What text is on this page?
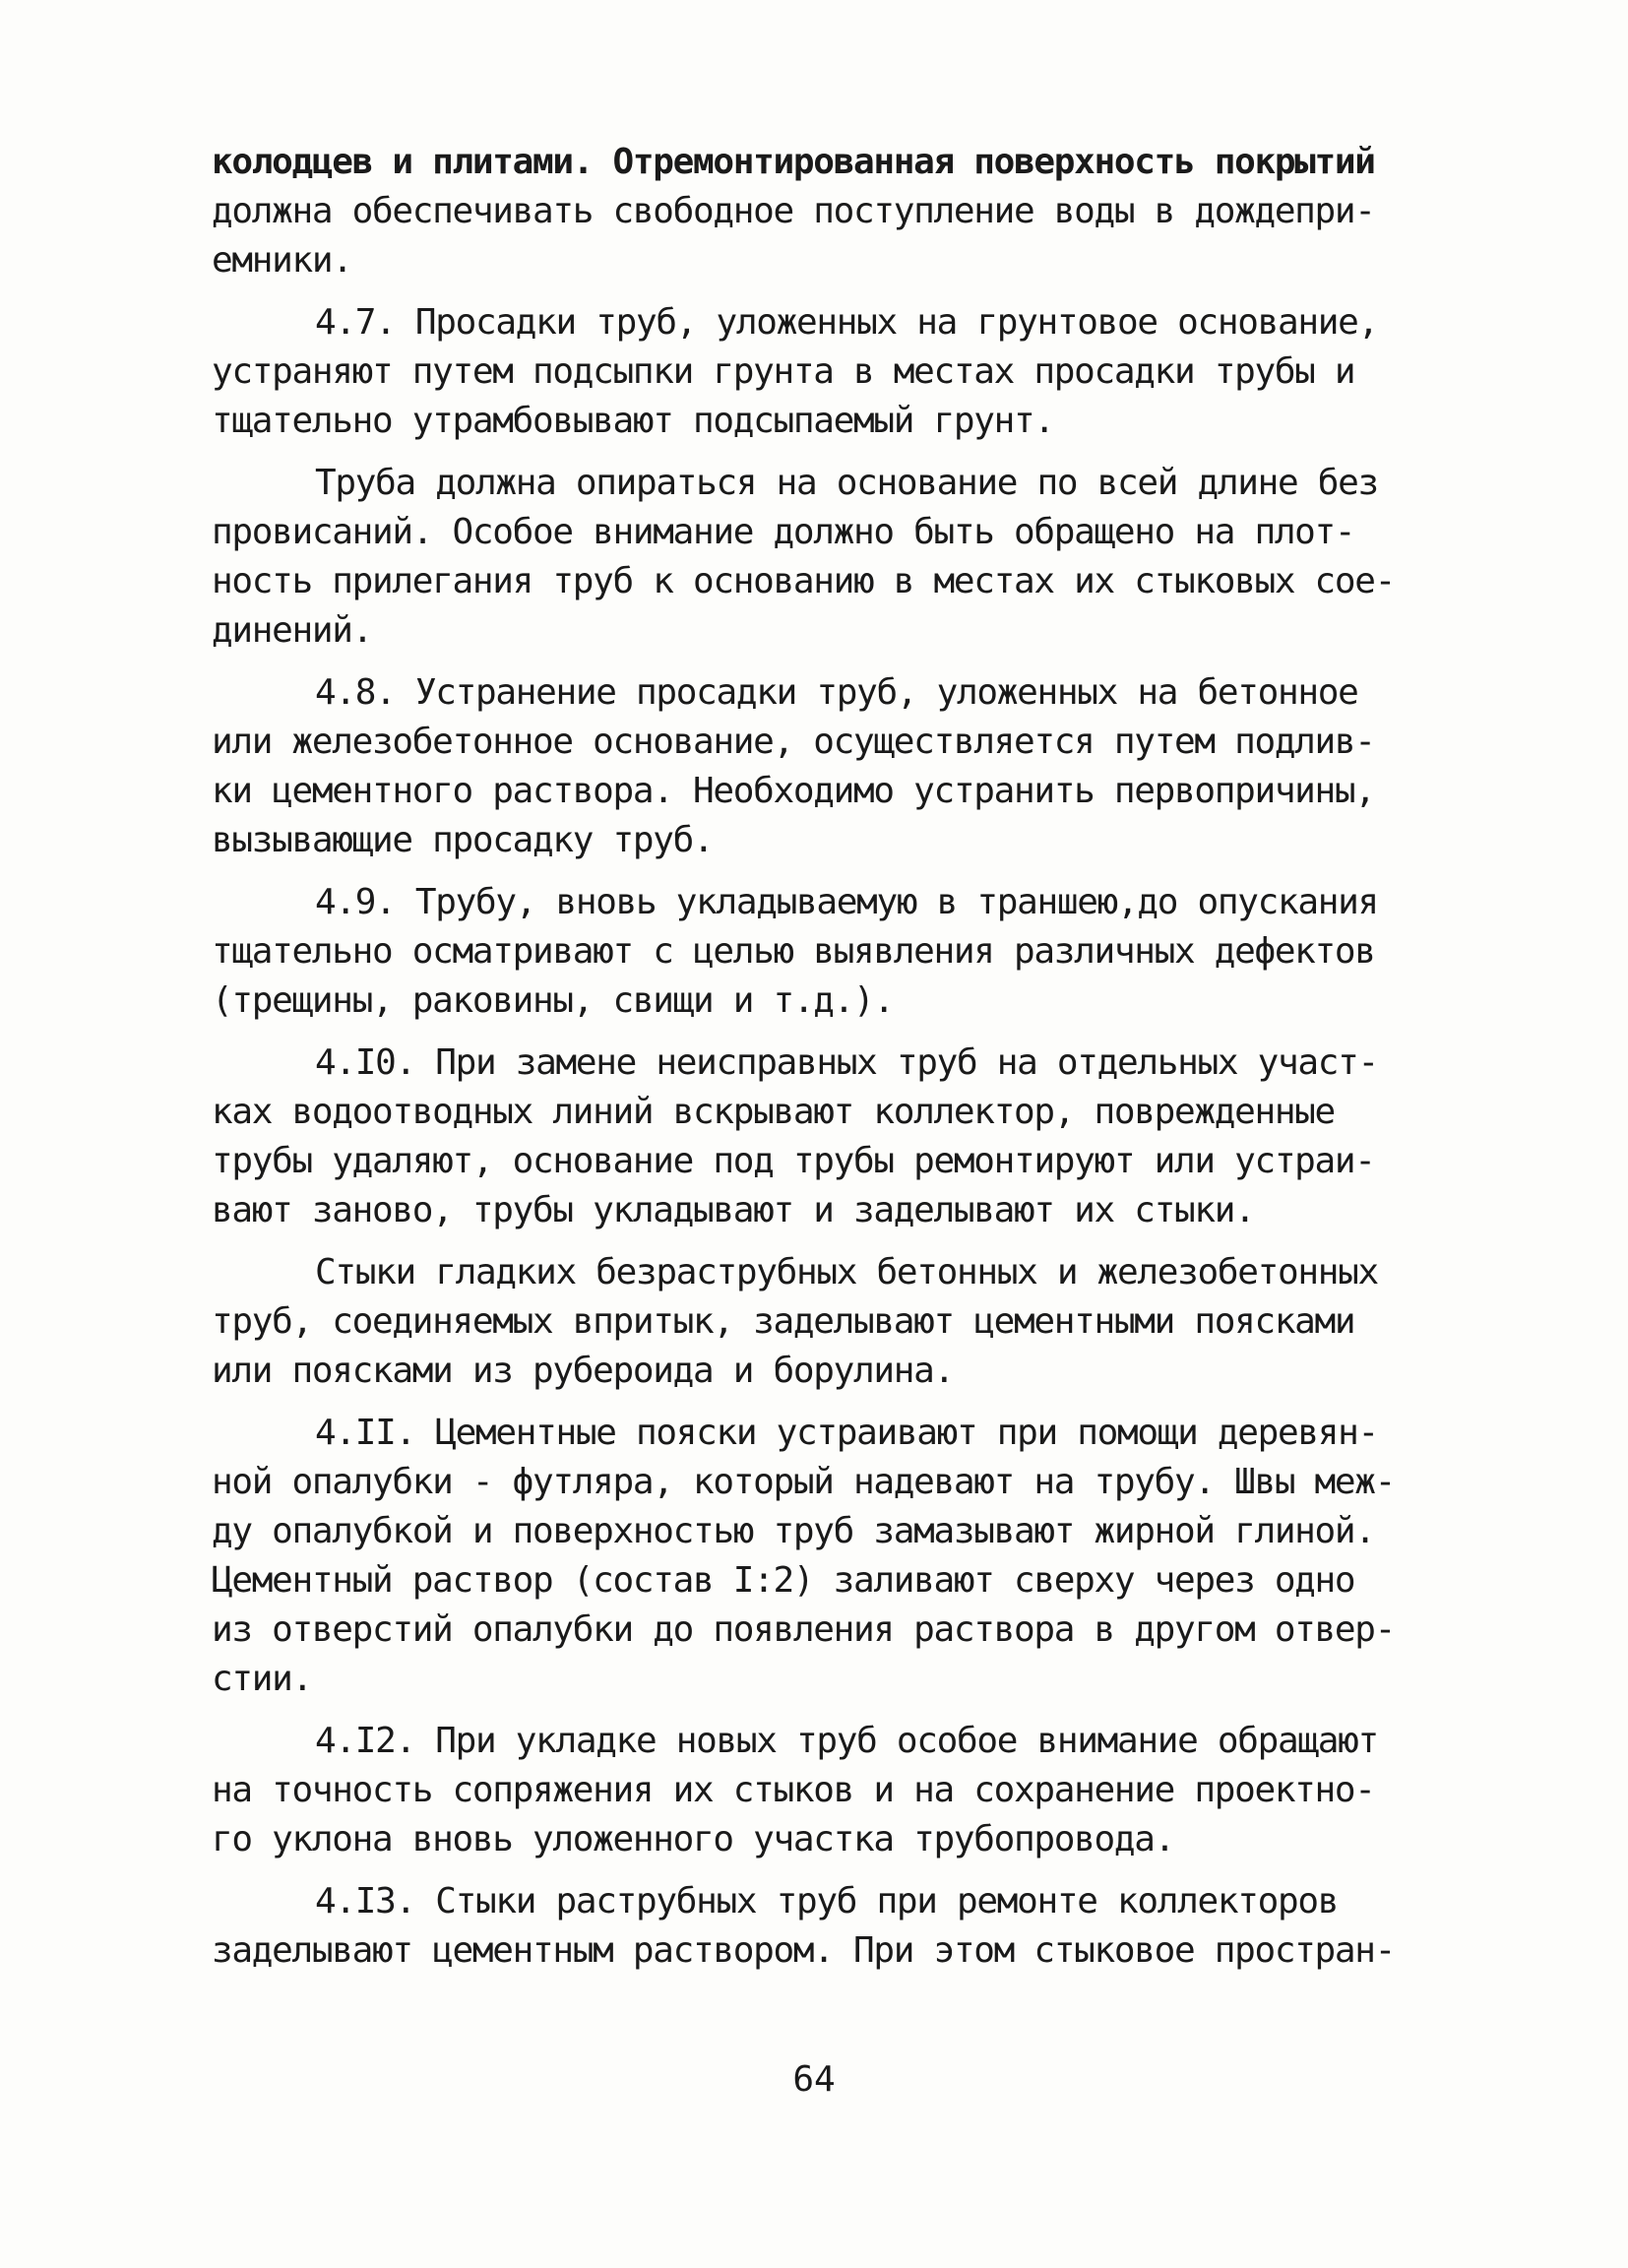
колодцев и плитами. Отремонтированная поверхность покрытий
должна обеспечивать свободное поступление воды в дождепри-
емники.
4.7. Просадки труб, уложенных на грунтовое основание,
устраняют путем подсыпки грунта в местах просадки трубы и
тщательно утрамбовывают подсыпаемый грунт.
Труба должна опираться на основание по всей длине без
провисаний. Особое внимание должно быть обращено на плот-
ность прилегания труб к основанию в местах их стыковых сое-
динений.
4.8. Устранение просадки труб, уложенных на бетонное
или железобетонное основание, осуществляется путем подлив-
ки цементного раствора. Необходимо устранить первопричины,
вызывающие просадку труб.
4.9. Трубу, вновь укладываемую в траншею,до опускания
тщательно осматривают с целью выявления различных дефектов
(трещины, раковины, свищи и т.д.).
4.I0. При замене неисправных труб на отдельных участ-
ках водоотводных линий вскрывают коллектор, поврежденные
трубы удаляют, основание под трубы ремонтируют или устраи-
вают заново, трубы укладывают и заделывают их стыки.
Стыки гладких безраструбных бетонных и железобетонных
труб, соединяемых впритык, заделывают цементными поясками
или поясками из рубероида и борулина.
4.II. Цементные пояски устраивают при помощи деревян-
ной опалубки - футляра, который надевают на трубу. Швы меж-
ду опалубкой и поверхностью труб замазывают жирной глиной.
Цементный раствор (состав I:2) заливают сверху через одно
из отверстий опалубки до появления раствора в другом отвер-
стии.
4.I2. При укладке новых труб особое внимание обращают
на точность сопряжения их стыков и на сохранение проектно-
го уклона вновь уложенного участка трубопровода.
4.I3. Стыки раструбных труб при ремонте коллекторов
заделывают цементным раствором. При этом стыковое простран-
64
